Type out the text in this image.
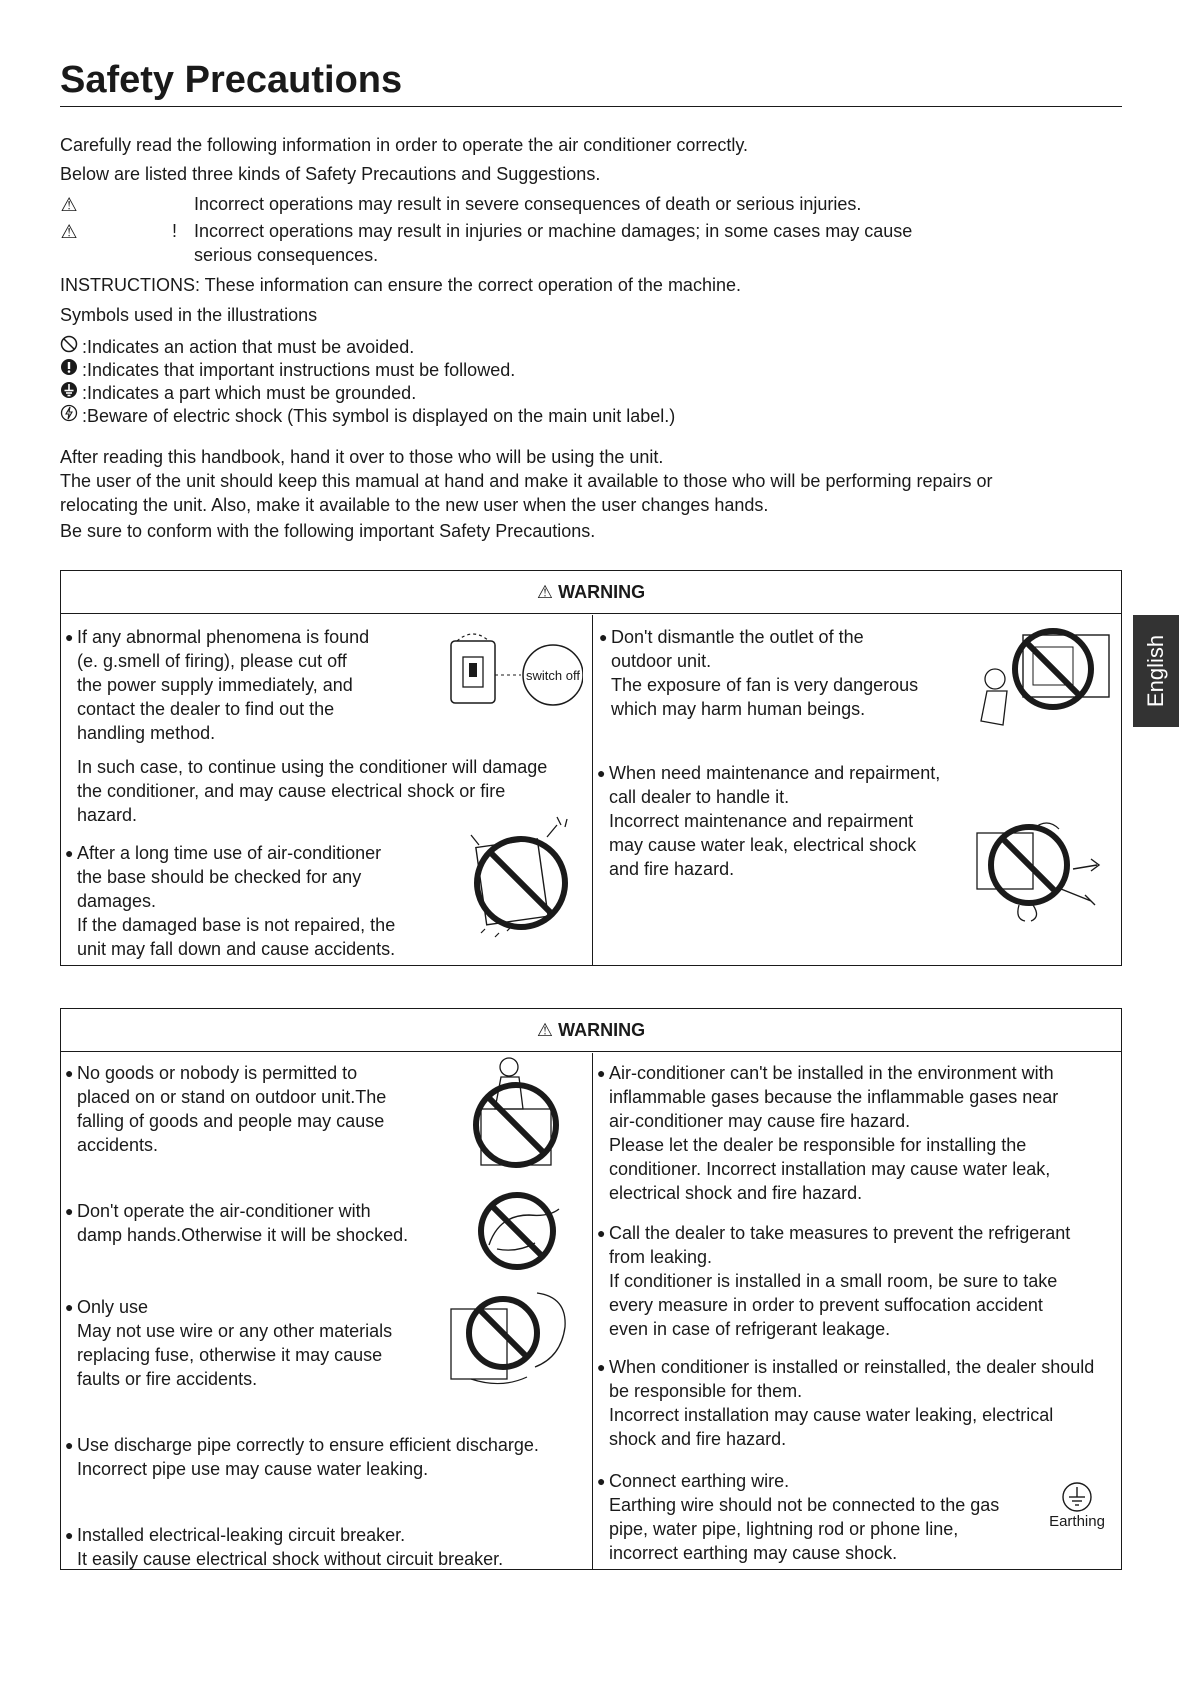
Safety Precautions
Carefully read the following information in order to operate the air conditioner correctly.
Below are listed three kinds of Safety Precautions and Suggestions.
⚠	Incorrect operations may result in severe consequences of death or serious injuries.
⚠	! Incorrect operations may result in injuries or machine damages; in some cases may cause serious consequences.
INSTRUCTIONS: These information can ensure the correct operation of the machine.
Symbols used in the illustrations
:Indicates an action that must be avoided.
:Indicates that important instructions must be followed.
:Indicates a part which must be grounded.
:Beware of electric shock (This symbol is displayed on the main unit label.)
After reading this handbook, hand it over to those who will be using the unit.
The user of the unit should keep this mamual at hand and make it available to those who will be performing repairs or
relocating the unit. Also, make it available to the new user when the user changes hands.
Be sure to conform with the following important Safety Precautions.
⚠ WARNING
● If any abnormal phenomena is found

(e. g.smell of firing), please cut off

the power supply immediately, and

contact the dealer to find out the

handling method.

switch off

In such case, to continue using the conditioner will damage

the conditioner, and may cause electrical shock or fire

hazard.

● After a long time use of air-conditioner

the base should be checked for any

damages.

If the damaged base is not repaired, the

unit may fall down and cause accidents.

● Don't dismantle the outlet of the

outdoor unit.

The exposure of fan is very dangerous

which may harm human beings.

● When need maintenance and repairment,

call dealer to handle it.

Incorrect maintenance and repairment

may cause water leak, electrical shock

and fire hazard.

⚠ WARNING
● No goods or nobody is permitted to

placed on or stand on outdoor unit.The

falling of goods and people may cause

accidents.

● Don't operate the air-conditioner with

damp hands.Otherwise it will be shocked.

● Only use

May not use wire or any other materials

replacing fuse, otherwise it may cause

faults or fire accidents.

● Use discharge pipe correctly to ensure efficient discharge.

Incorrect pipe use may cause water leaking.

● Installed electrical-leaking circuit breaker.

It easily cause electrical shock without circuit breaker.

● Air-conditioner can't be installed in the environment with

inflammable gases because the inflammable gases near

air-conditioner may cause fire hazard.

Please let the dealer be responsible for installing the

conditioner. Incorrect installation may cause water leak,

electrical shock and fire hazard.

● Call the dealer to take measures to prevent the refrigerant

from leaking.

If conditioner is installed in a small room, be sure to take

every measure in order to prevent suffocation accident

even in case of refrigerant leakage.

● When conditioner is installed or reinstalled, the dealer should

be responsible for them.

Incorrect installation may cause water leaking, electrical

shock and fire hazard.

● Connect earthing wire.

Earthing wire should not be connected to the gas

pipe, water pipe, lightning rod or phone line,

incorrect earthing may cause shock.

Earthing
English
